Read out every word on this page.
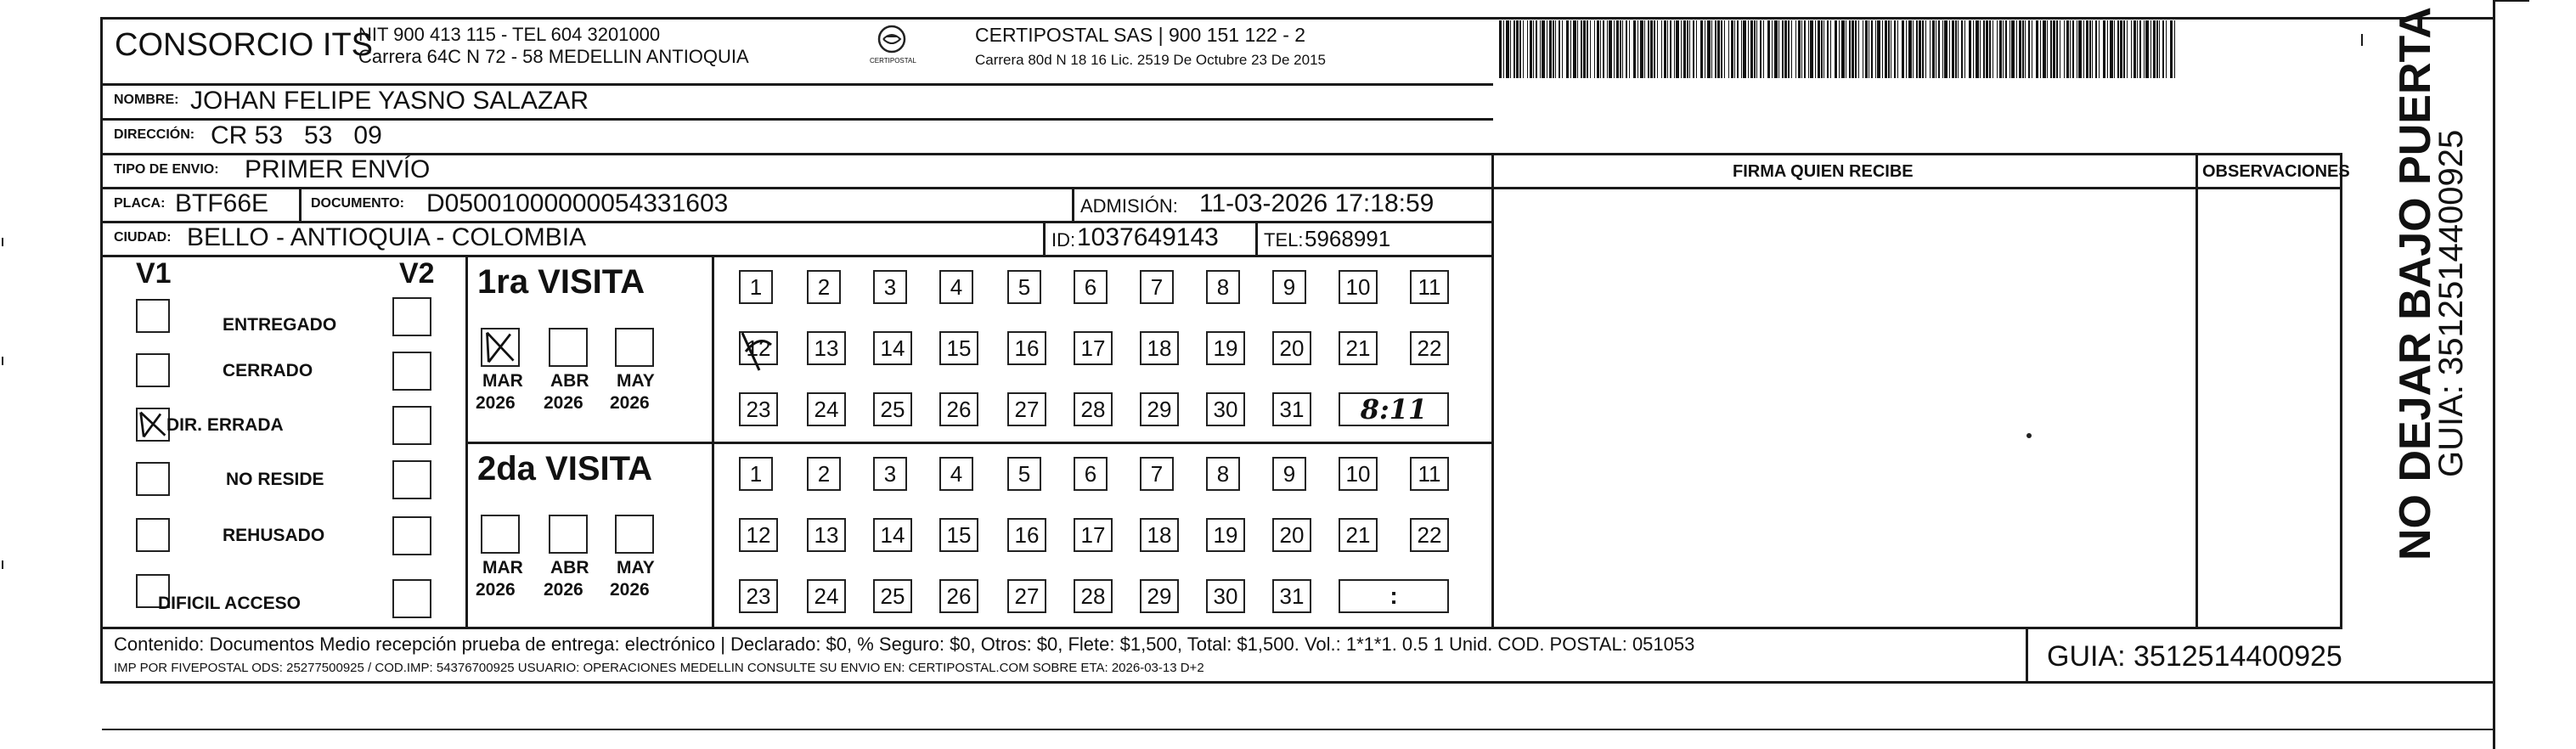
CONSORCIO ITS
NIT 900 413 115 - TEL 604 3201000
Carrera 64C N 72 - 58 MEDELLIN ANTIOQUIA	CERTIPOSTAL
CERTIPOSTAL SAS | 900 151 122 - 2
Carrera 80d N 18 16 Lic. 2519 De Octubre 23 De 2015
NOMBRE: JOHAN FELIPE YASNO SALAZAR
DIRECCIÓN: CR 53   53   09
TIPO DE ENVIO: PRIMER ENVÍO	FIRMA QUIEN RECIBE	OBSERVACIONES
PLACA: BTF66E	DOCUMENTO: D05001000000054331603	ADMISIÓN: 11-03-2026 17:18:59
CIUDAD: BELLO - ANTIOQUIA - COLOMBIA	ID: 1037649143 TEL: 5968991
V1	V2
ENTREGADO
CERRADO
DIR. ERRADA
NO RESIDE
REHUSADO
DIFICIL ACCESO
1ra VISITA
2da VISITA
MAR
2026
ABR
2026
MAY
2026
1	2	3	4	5	6	7	8	9	10	11
12	13	14	15	16	17	18	19	20	21	22
23	24	25	26	27	28	29	30	31 8:11
MAR
2026
ABR
2026
MAY
2026
1	2	3	4	5	6	7	8	9	10	11
12	13	14	15	16	17	18	19	20	21	22
23	24	25	26	27	28	29	30	31	:
Contenido: Documentos Medio recepción prueba de entrega: electrónico | Declarado: $0, % Seguro: $0, Otros: $0, Flete: $1,500, Total: $1,500. Vol.: 1*1*1. 0.5 1 Unid. COD. POSTAL: 051053
IMP POR FIVEPOSTAL ODS: 25277500925 / COD.IMP: 54376700925 USUARIO: OPERACIONES MEDELLIN CONSULTE SU ENVIO EN: CERTIPOSTAL.COM SOBRE ETA: 2026-03-13 D+2	GUIA: 3512514400925
NO DEJAR BAJO PUERTA
GUIA: 3512514400925
